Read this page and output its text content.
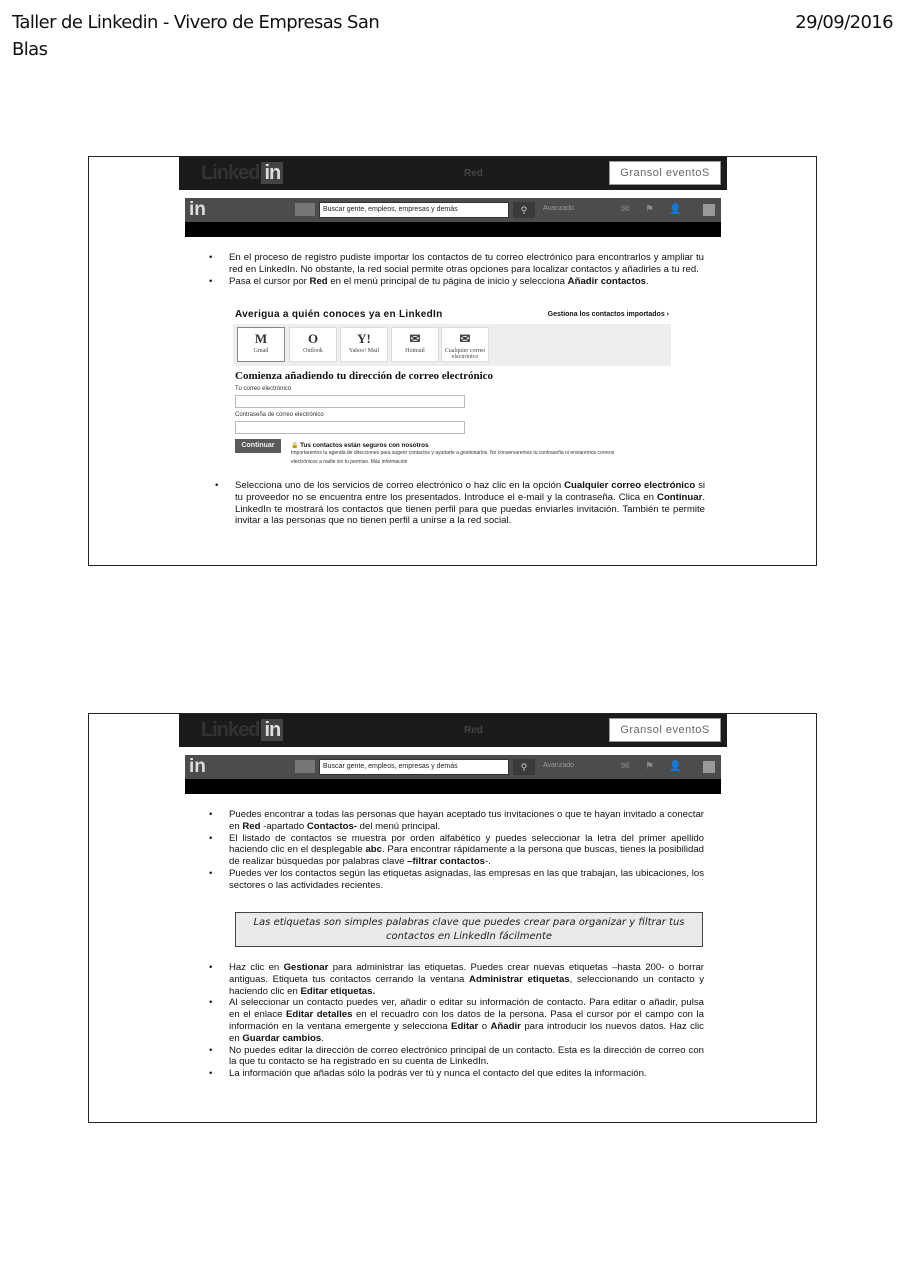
Taller de Linkedin - Vivero de Empresas San Blas
29/09/2016
Linked in	Red	Gransol eventoS
in	Buscar gente, empleos, empresas y demás	⚲	Avanzado	✉ ⚑ 👤
• En el proceso de registro pudiste importar los contactos de tu correo electrónico para encontrarlos y ampliar tu red en LinkedIn. No obstante, la red social permite otras opciones para localizar contactos y añadirles a tu red.
• Pasa el cursor por Red en el menú principal de tu página de inicio y selecciona Añadir contactos.
Averigua a quién conoces ya en LinkedIn	Gestiona los contactos importados ›
M
Gmail
O
Outlook
Y!
Yahoo! Mail
✉
Hotmail
✉
Cualquier correo electrónico
Comienza añadiendo tu dirección de correo electrónico
Tu correo electrónico
Contraseña de correo electrónico
Continuar	🔒 Tus contactos están seguros con nosotros

Importaremos tu agenda de direcciones para sugerir contactos y ayudarte a gestionarlos. No conservaremos tu contraseña ni enviaremos correos electrónicos a nadie sin tu permiso. Más información

• Selecciona uno de los servicios de correo electrónico o haz clic en la opción Cualquier correo electrónico si tu proveedor no se encuentra entre los presentados. Introduce el e-mail y la contraseña. Clica en Continuar. LinkedIn te mostrará los contactos que tienen perfil para que puedas enviarles invitación. También te permite invitar a las personas que no tienen perfil a unirse a la red social.
Linked in	Red	Gransol eventoS
in	Buscar gente, empleos, empresas y demás	⚲	Avanzado	✉ ⚑ 👤
• Puedes encontrar a todas las personas que hayan aceptado tus invitaciones o que te hayan invitado a conectar en Red -apartado Contactos- del menú principal.
• El listado de contactos se muestra por orden alfabético y puedes seleccionar la letra del primer apellido haciendo clic en el desplegable abc. Para encontrar rápidamente a la persona que buscas, tienes la posibilidad de realizar búsquedas por palabras clave –filtrar contactos-.
• Puedes ver los contactos según las etiquetas asignadas, las empresas en las que trabajan, las ubicaciones, los sectores o las actividades recientes.
Las etiquetas son simples palabras clave que puedes crear para organizar y filtrar tus contactos en LinkedIn fácilmente
• Haz clic en Gestionar para administrar las etiquetas. Puedes crear nuevas etiquetas –hasta 200- o borrar antiguas. Etiqueta tus contactos cerrando la ventana Administrar etiquetas, seleccionando un contacto y haciendo clic en Editar etiquetas.
• Al seleccionar un contacto puedes ver, añadir o editar su información de contacto. Para editar o añadir, pulsa en el enlace Editar detalles en el recuadro con los datos de la persona. Pasa el cursor por el campo con la información en la ventana emergente y selecciona Editar o Añadir para introducir los nuevos datos. Haz clic en Guardar cambios.
• No puedes editar la dirección de correo electrónico principal de un contacto. Esta es la dirección de correo con la que tu contacto se ha registrado en su cuenta de LinkedIn.
• La información que añadas sólo la podrás ver tú y nunca el contacto del que edites la información.
